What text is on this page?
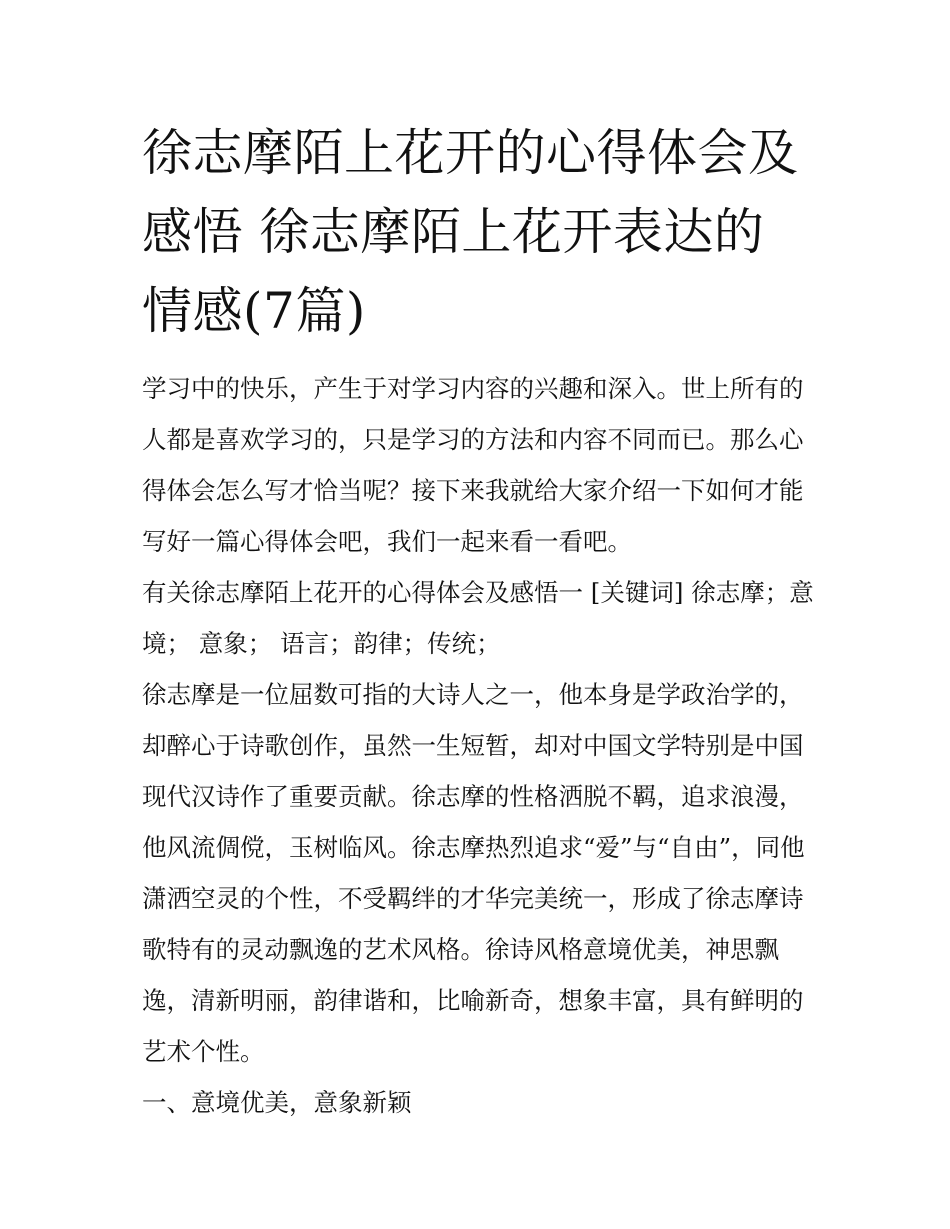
徐志摩陌上花开的心得体会及感悟 徐志摩陌上花开表达的情感(7篇)

学习中的快乐，产生于对学习内容的兴趣和深入。世上所有的人都是喜欢学习的，只是学习的方法和内容不同而已。那么心得体会怎么写才恰当呢？接下来我就给大家介绍一下如何才能写好一篇心得体会吧，我们一起来看一看吧。

有关徐志摩陌上花开的心得体会及感悟一 [关键词] 徐志摩；意境； 意象； 语言；韵律；传统；

徐志摩是一位屈数可指的大诗人之一，他本身是学政治学的，却醉心于诗歌创作，虽然一生短暂，却对中国文学特别是中国现代汉诗作了重要贡献。徐志摩的性格洒脱不羁，追求浪漫，他风流倜傥，玉树临风。徐志摩热烈追求“爱”与“自由”，同他潇洒空灵的个性，不受羁绊的才华完美统一，形成了徐志摩诗歌特有的灵动飘逸的艺术风格。徐诗风格意境优美，神思飘逸，清新明丽，韵律谐和，比喻新奇，想象丰富，具有鲜明的艺术个性。

一、意境优美，意象新颖
